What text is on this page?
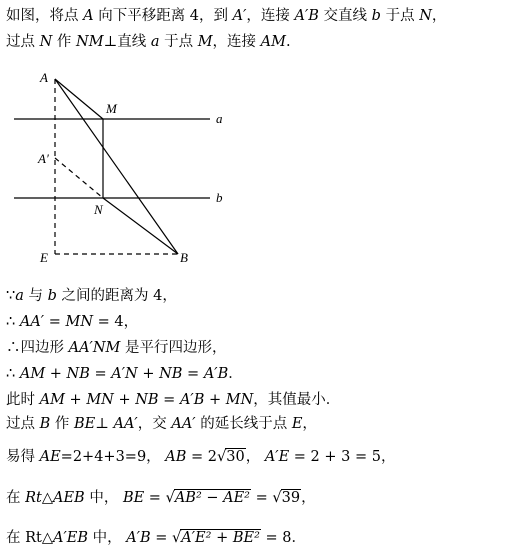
如图，将点 A 向下平移距离 4，到 A′，连接 A′B 交直线 b 于点 N，
过点 N 作 NM⊥直线 a 于点 M，连接 AM.
A
M
a
A′
N
b
E	B
∵a 与 b 之间的距离为 4，
∴ AA′ = MN = 4，
∴四边形 AA′NM 是平行四边形，
∴ AM + NB = A′N + NB = A′B．
此时 AM + MN + NB = A′B + MN，其值最小．
过点 B 作 BE⊥ AA′，交 AA′ 的延长线于点 E，
易得 AE=2+4+3=9， AB = 2√30， A′E = 2 + 3 = 5，
在 Rt△AEB 中， BE = √AB² − AE² = √39，
在 Rt△A′EB 中， A′B = √A′E² + BE² = 8．
